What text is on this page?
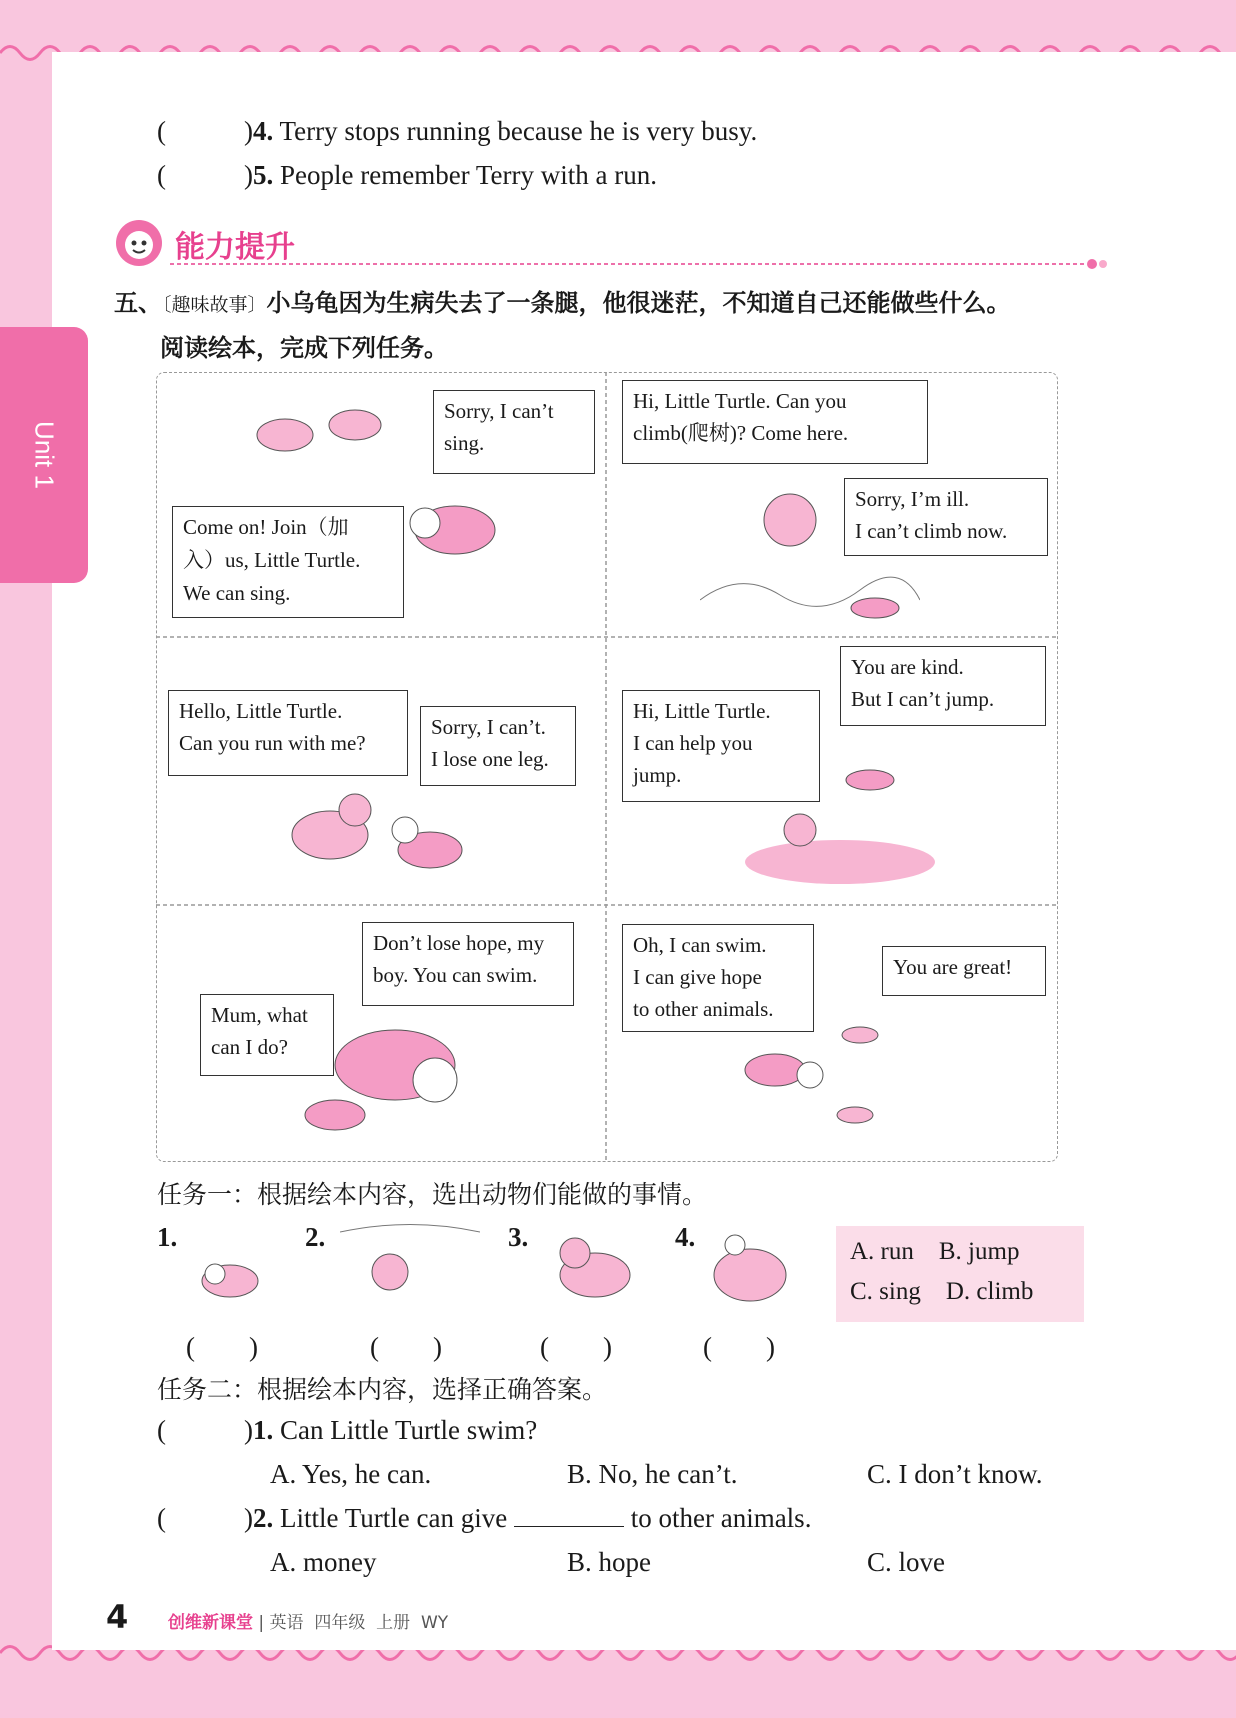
Unit 1
(	)4. Terry stops running because he is very busy.
(	)5. People remember Terry with a run.
能力提升
五、〔趣味故事〕小乌龟因为生病失去了一条腿，他很迷茫，不知道自己还能做些什么。
阅读绘本，完成下列任务。
Sorry, I can’t sing.
Come on! Join（加
入）us, Little Turtle.
We can sing.
Hi, Little Turtle. Can you
climb(爬树)? Come here.
Sorry, I’m ill.
I can’t climb now.
Hello, Little Turtle.
Can you run with me?
Sorry, I can’t.
I lose one leg.
You are kind.
But I can’t jump.
Hi, Little Turtle.
I can help you
jump.
Don’t lose hope, my
boy. You can swim.
Mum, what
can I do?
Oh, I can swim.
I can give hope
to other animals.
You are great!
任务一：根据绘本内容，选出动物们能做的事情。
1.
(　　)
2.
(　　)
3.
(　　)
4.
(　　)
A. run    B. jump
C. sing    D. climb
任务二：根据绘本内容，选择正确答案。
(	)1. Can Little Turtle swim?
A. Yes, he can.	B. No, he can’t.	C. I don’t know.
(	)2. Little Turtle can give	to other animals.
A. money	B. hope	C. love
4 创维新课堂 | 英语 四年级 上册 WY
